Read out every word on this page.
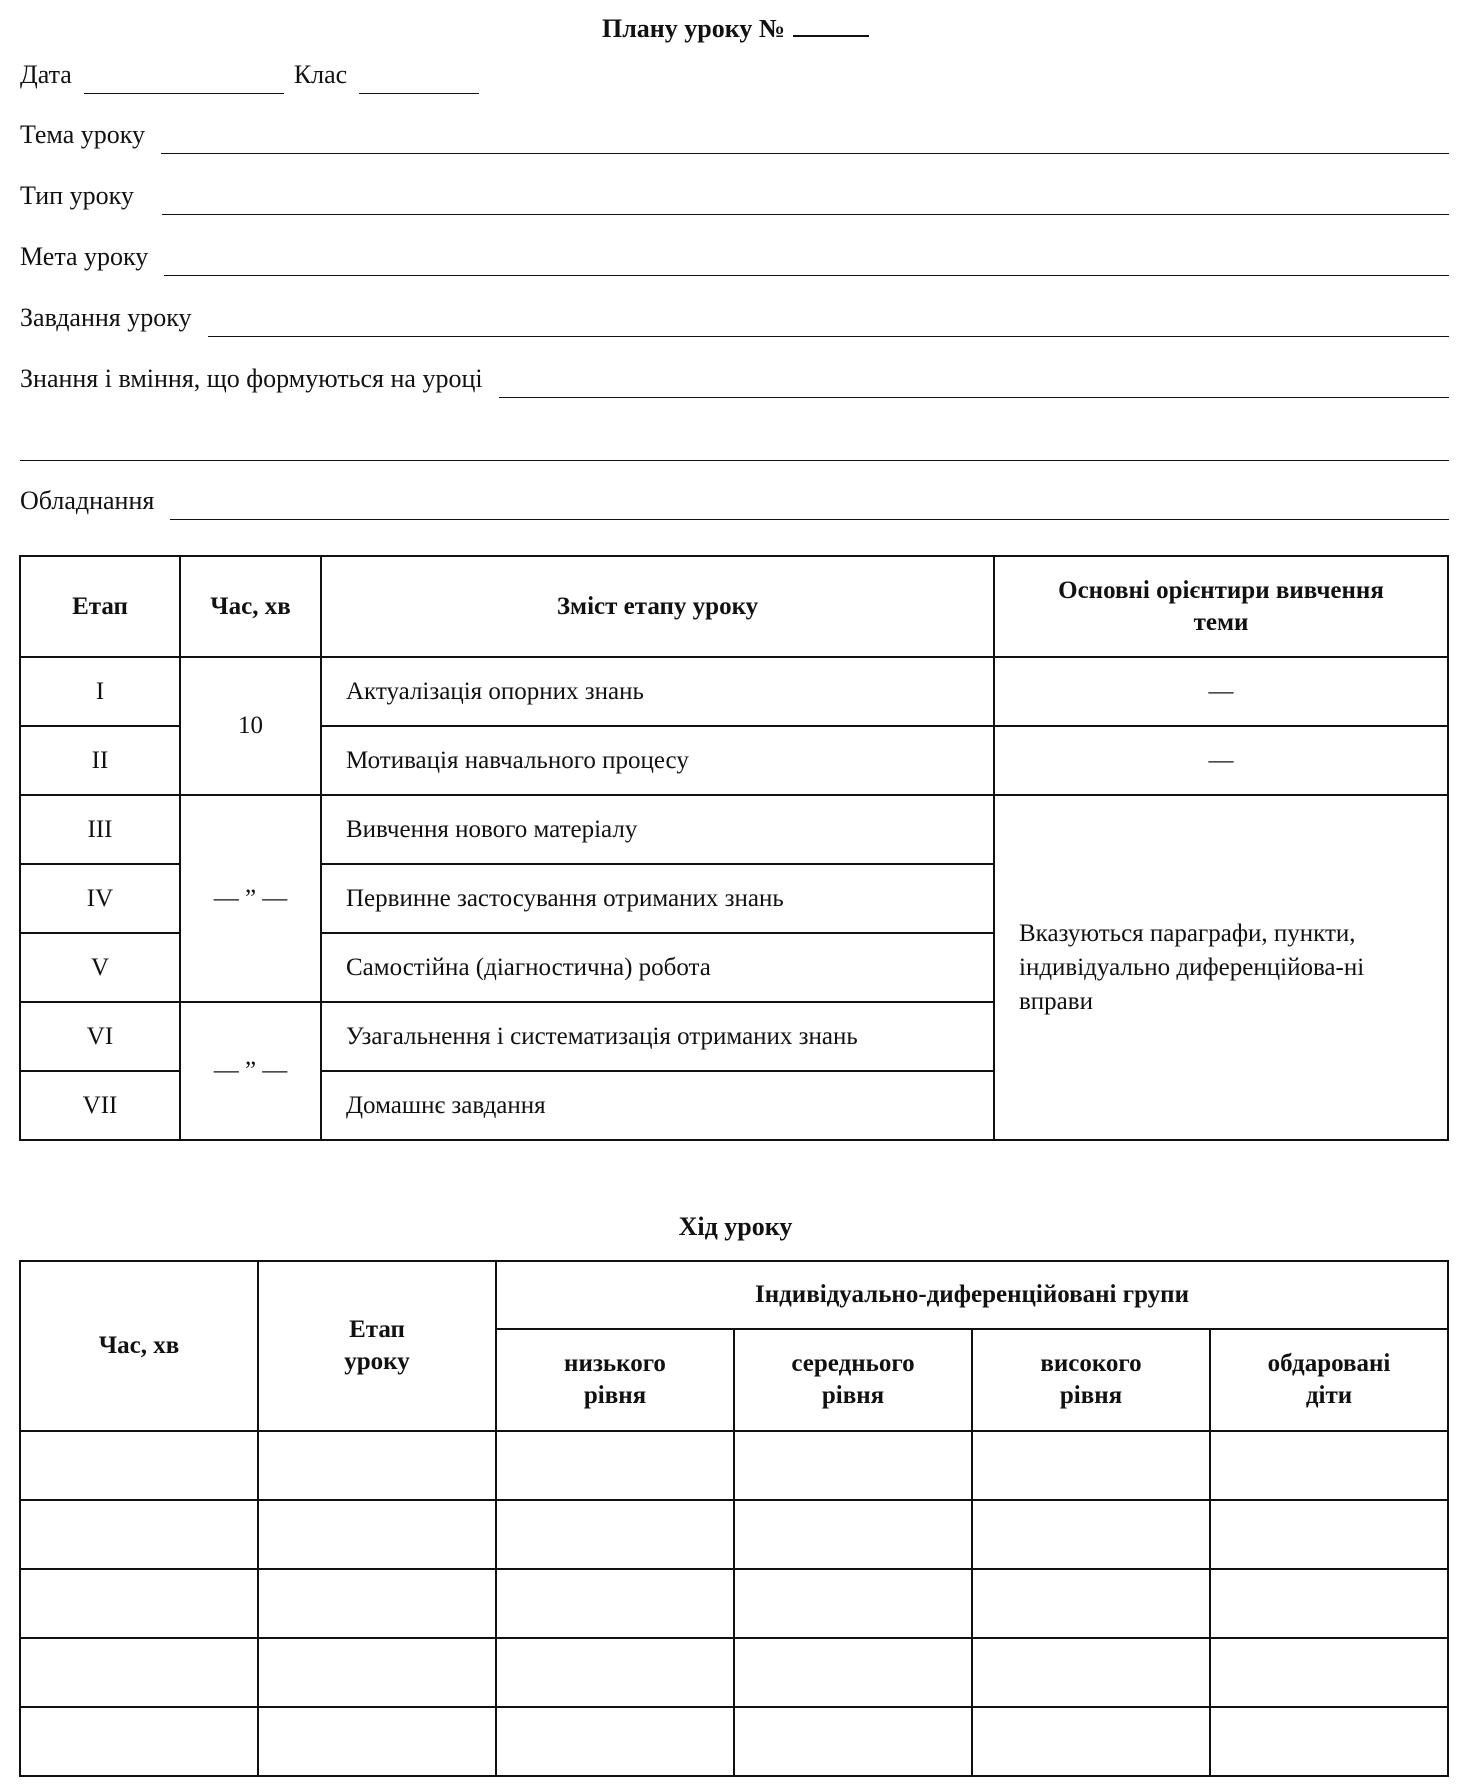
Плану уроку №
Дата	Клас
Тема уроку
Тип уроку
Мета уроку
Завдання уроку
Знання і вміння, що формуються на уроці
Обладнання
Етап	Час, хв	Зміст етапу уроку	Основні орієнтири вивчення теми
I	10	Актуалізація опорних знань	—
II		Мотивація навчального процесу	—
III	— ” —	Вивчення нового матеріалу	Вказуються параграфи, пункти, індивідуально диференційова-ні вправи
IV		Первинне застосування отриманих знань	
V		Самостійна (діагностична) робота	
VI	— ” —	Узагальнення і систематизація отриманих знань	
VII		Домашнє завдання	
Хід уроку
Час, хв	Етап уроку	Індивідуально-диференційовані групи			
		низького рівня	середнього рівня	високого рівня	обдаровані діти
